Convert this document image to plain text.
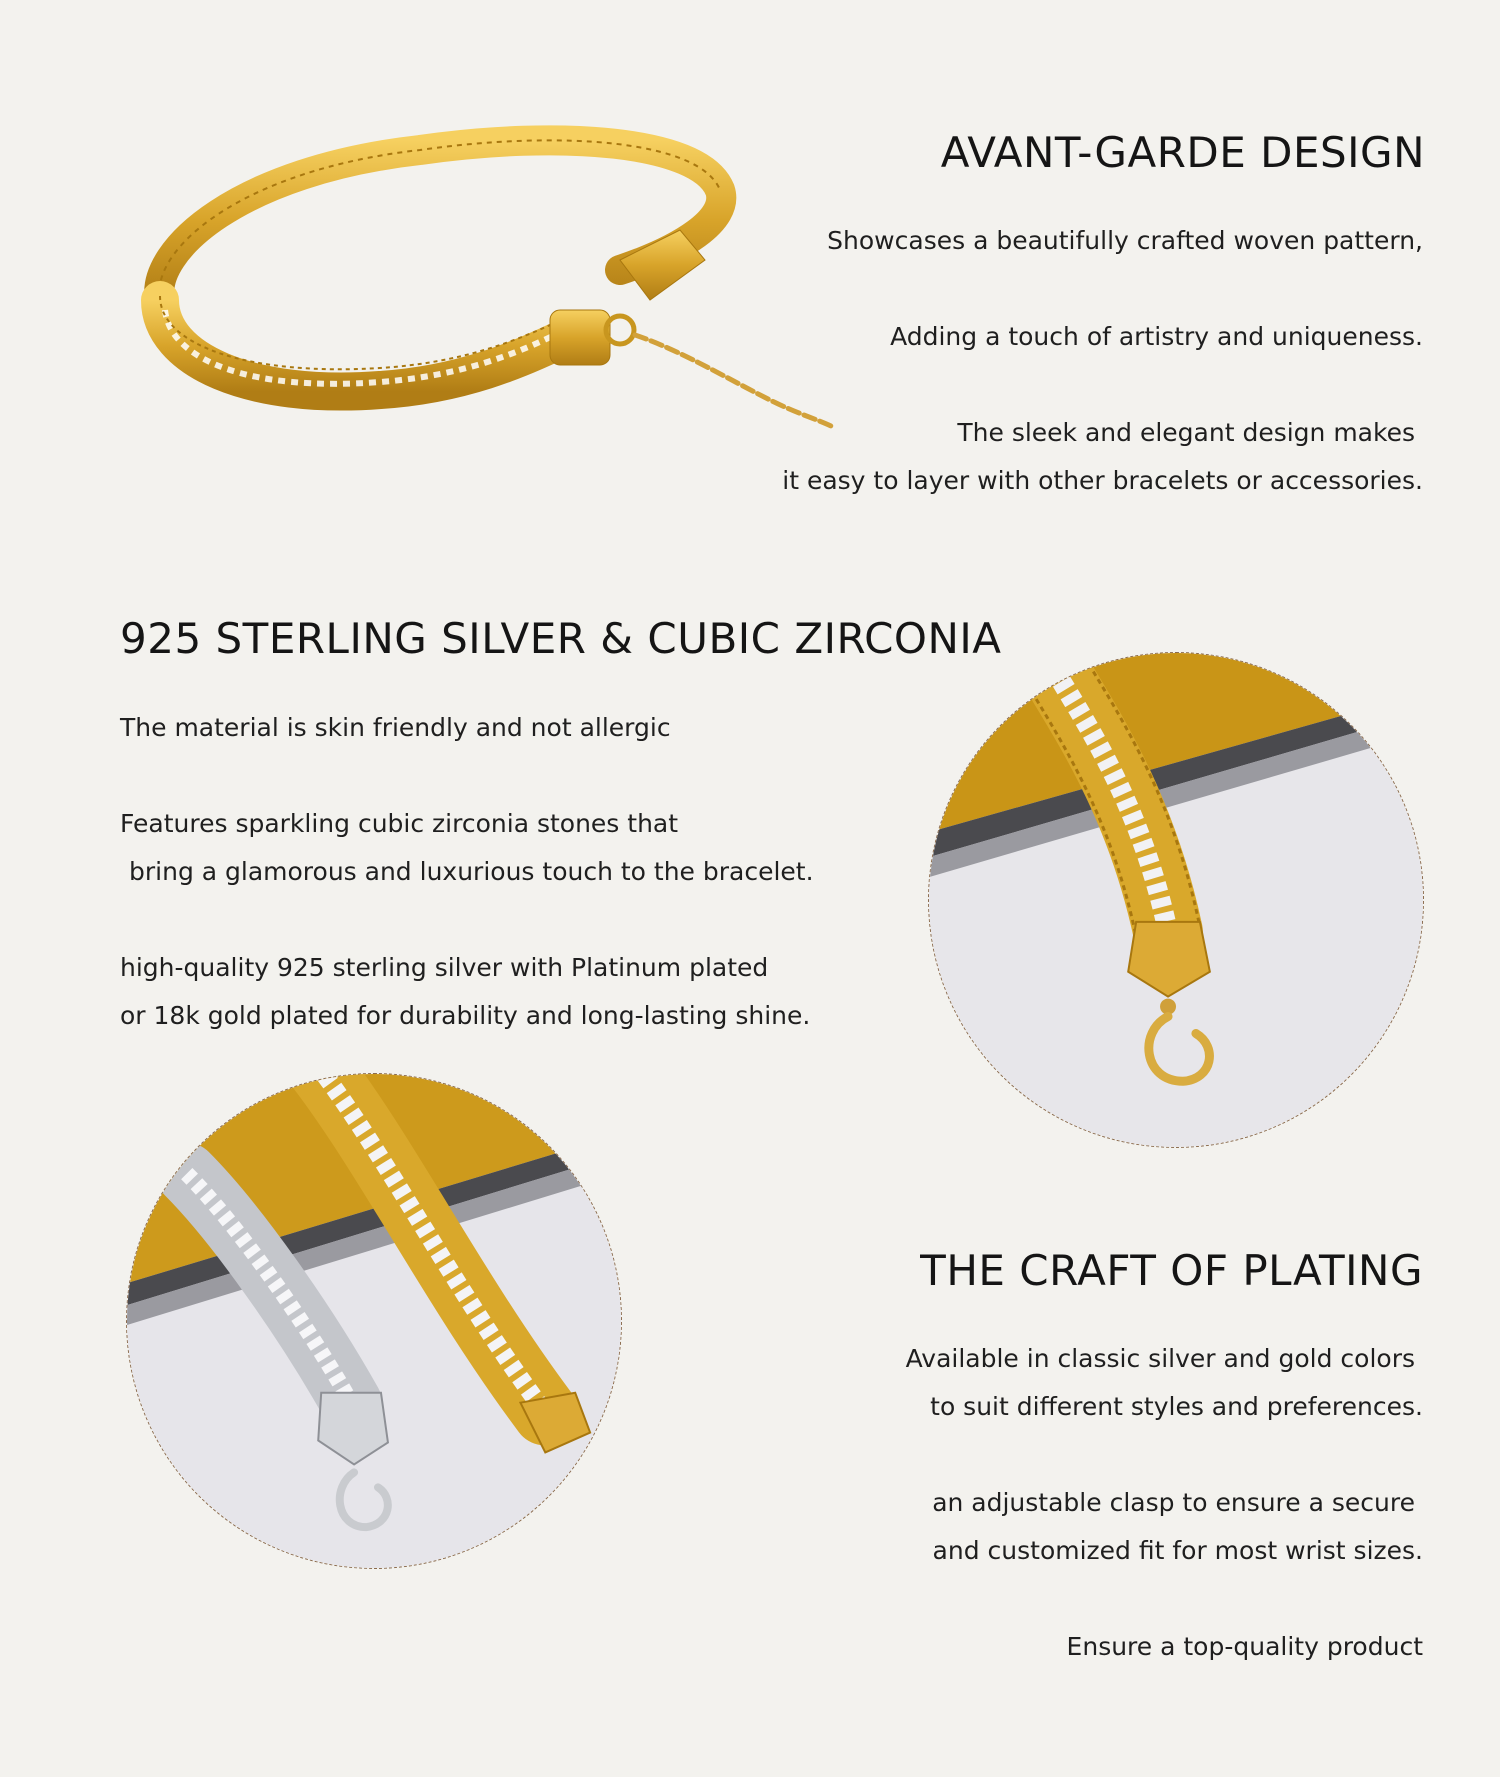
AVANT-GARDE DESIGN
Showcases a beautifully crafted woven pattern,
Adding a touch of artistry and uniqueness.
The sleek and elegant design makes
it easy to layer with other bracelets or accessories.
925 STERLING SILVER & CUBIC ZIRCONIA
The material is skin friendly and not allergic
Features sparkling cubic zirconia stones that
bring a glamorous and luxurious touch to the bracelet.
high-quality 925 sterling silver with Platinum plated
or 18k gold plated for durability and long-lasting shine.
THE CRAFT OF PLATING
Available in classic silver and gold colors
to suit different styles and preferences.
an adjustable clasp to ensure a secure
and customized fit for most wrist sizes.
Ensure a top-quality product
